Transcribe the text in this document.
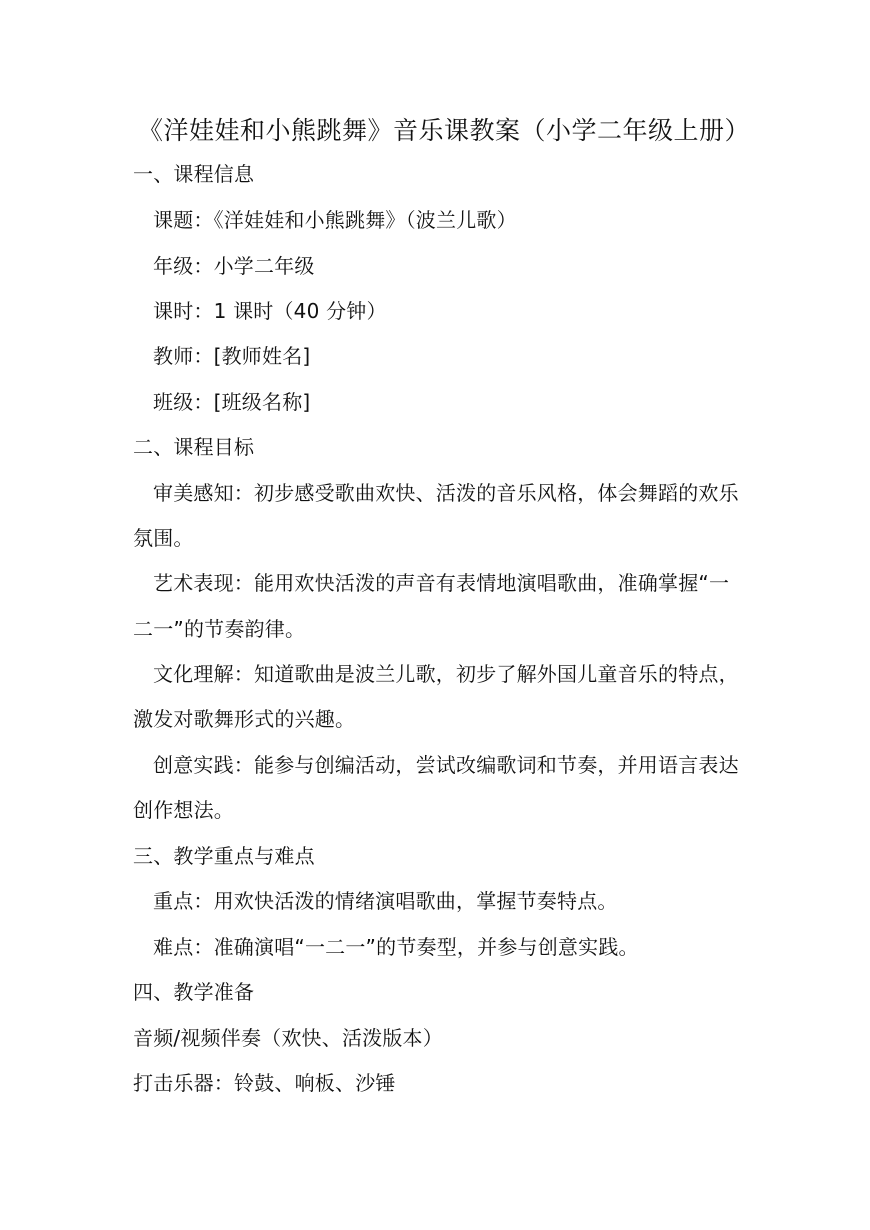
《洋娃娃和小熊跳舞》音乐课教案（小学二年级上册）
一、课程信息
课题：《洋娃娃和小熊跳舞》（波兰儿歌）
年级：小学二年级
课时：1 课时（40 分钟）
教师：[教师姓名]
班级：[班级名称]
二、课程目标
审美感知：初步感受歌曲欢快、活泼的音乐风格，体会舞蹈的欢乐
氛围。
艺术表现：能用欢快活泼的声音有表情地演唱歌曲，准确掌握“一
二一”的节奏韵律。
文化理解：知道歌曲是波兰儿歌，初步了解外国儿童音乐的特点，
激发对歌舞形式的兴趣。
创意实践：能参与创编活动，尝试改编歌词和节奏，并用语言表达
创作想法。
三、教学重点与难点
重点：用欢快活泼的情绪演唱歌曲，掌握节奏特点。
难点：准确演唱“一二一”的节奏型，并参与创意实践。
四、教学准备
音频/视频伴奏（欢快、活泼版本）
打击乐器：铃鼓、响板、沙锤
